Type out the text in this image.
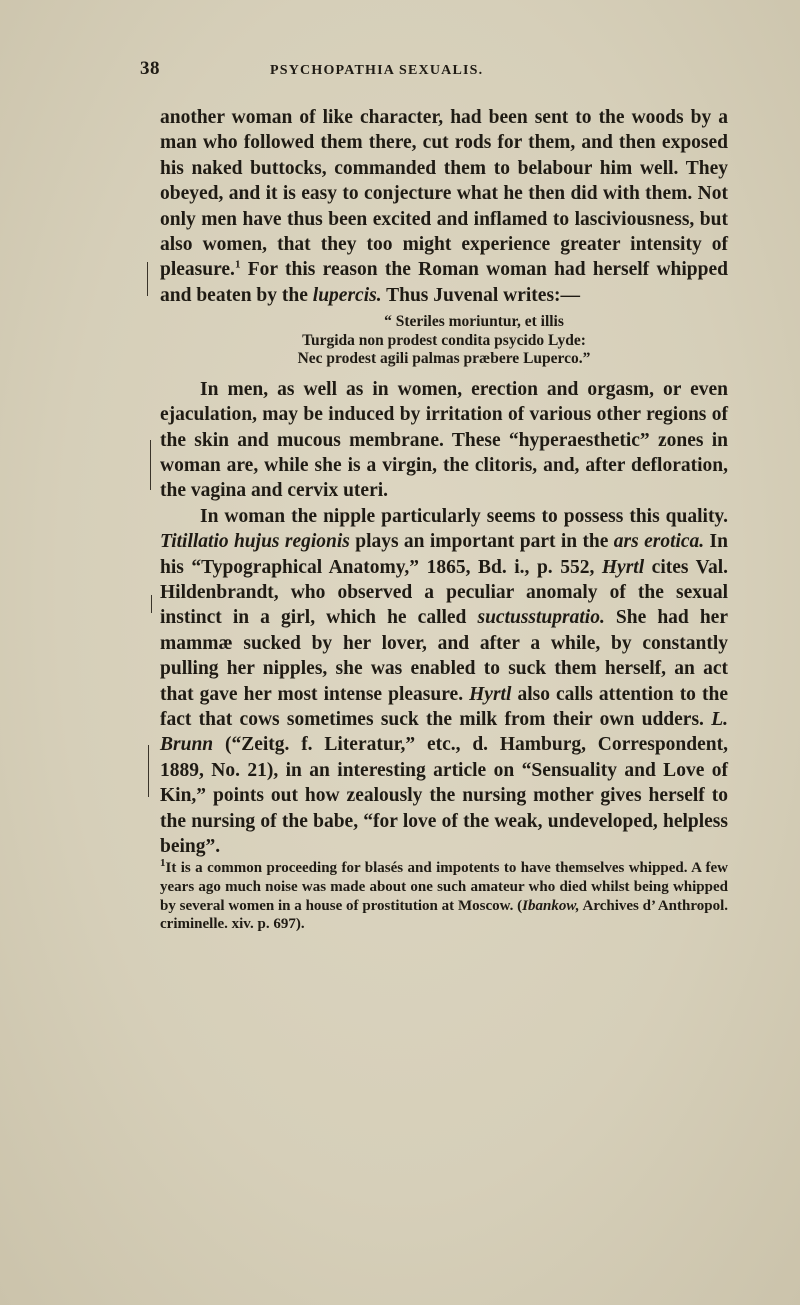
38	PSYCHOPATHIA SEXUALIS.

another woman of like character, had been sent to the woods by a man who followed them there, cut rods for them, and then exposed his naked buttocks, commanded them to belabour him well. They obeyed, and it is easy to conjecture what he then did with them. Not only men have thus been excited and inflamed to lasciviousness, but also women, that they too might experience greater intensity of pleasure.$^1$ For this reason the Roman woman had herself whipped and beaten by the lupercis. Thus Juvenal writes:—

“ Steriles moriuntur, et illis
Turgida non prodest condita psycido Lyde:
Nec prodest agili palmas præbere Luperco.”

In men, as well as in women, erection and orgasm, or even ejaculation, may be induced by irritation of various other regions of the skin and mucous membrane. These “hyperaesthetic” zones in woman are, while she is a virgin, the clitoris, and, after defloration, the vagina and cervix uteri.

In woman the nipple particularly seems to possess this quality. Titillatio hujus regionis plays an important part in the ars erotica. In his “Typographical Anatomy,” 1865, Bd. i., p. 552, Hyrtl cites Val. Hildenbrandt, who observed a peculiar anomaly of the sexual instinct in a girl, which he called suctusstupratio. She had her mammæ sucked by her lover, and after a while, by constantly pulling her nipples, she was enabled to suck them herself, an act that gave her most intense pleasure. Hyrtl also calls attention to the fact that cows sometimes suck the milk from their own udders. L. Brunn (“Zeitg. f. Literatur,” etc., d. Hamburg, Correspondent, 1889, No. 21), in an interesting article on “Sensuality and Love of Kin,” points out how zealously the nursing mother gives herself to the nursing of the babe, “for love of the weak, undeveloped, helpless being”.

$^1$It is a common proceeding for blasés and impotents to have themselves whipped. A few years ago much noise was made about one such amateur who died whilst being whipped by several women in a house of prostitution at Moscow. (Ibankow, Archives d’ Anthropol. criminelle. xiv. p. 697).
